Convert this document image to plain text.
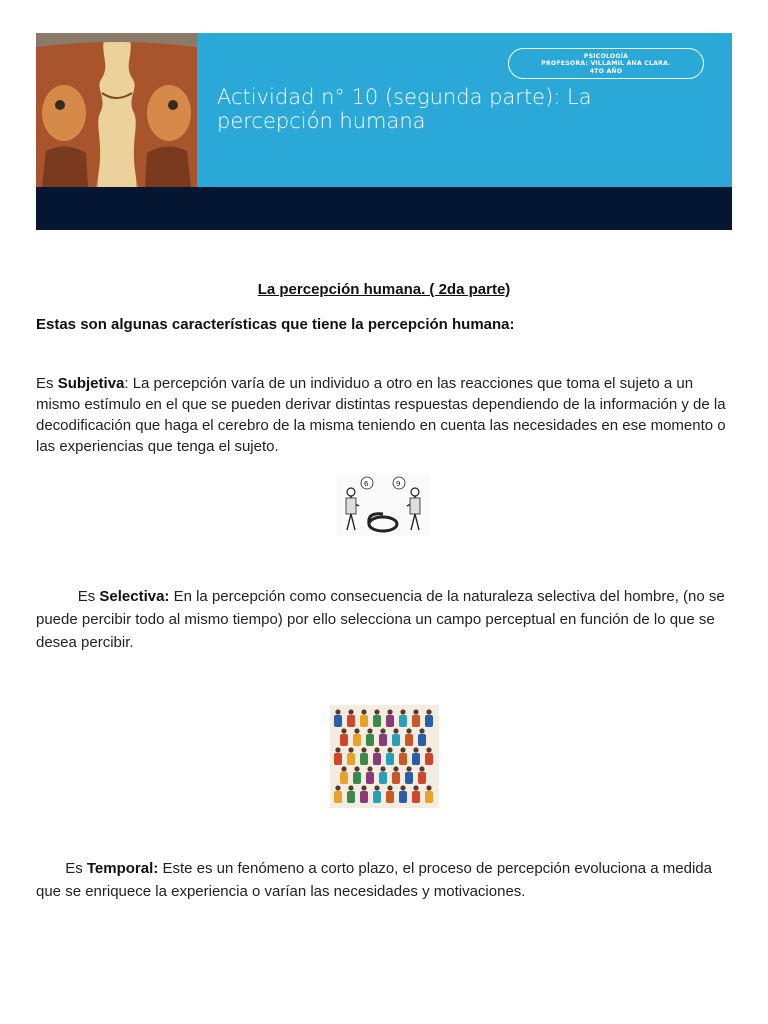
PSICOLOGÍA
PROFESORA: VILLAMIL ANA CLARA.
4TO AÑO
Actividad n° 10 (segunda parte): La percepción humana
La percepción humana. ( 2da parte)
Estas son algunas características que tiene la percepción humana:
Es Subjetiva: La percepción varía de un individuo a otro en las reacciones que toma el sujeto a un mismo estímulo en el que se pueden derivar distintas respuestas dependiendo de la información y de la decodificación que haga el cerebro de la misma teniendo en cuenta las necesidades en ese momento o las experiencias que tenga el sujeto.
6	9
Es Selectiva: En la percepción como consecuencia de la naturaleza selectiva del hombre, (no se puede percibir todo al mismo tiempo) por ello selecciona un campo perceptual en función de lo que se desea percibir.
Es Temporal: Este es un fenómeno a corto plazo, el proceso de percepción evoluciona a medida que se enriquece la experiencia o varían las necesidades y motivaciones.
